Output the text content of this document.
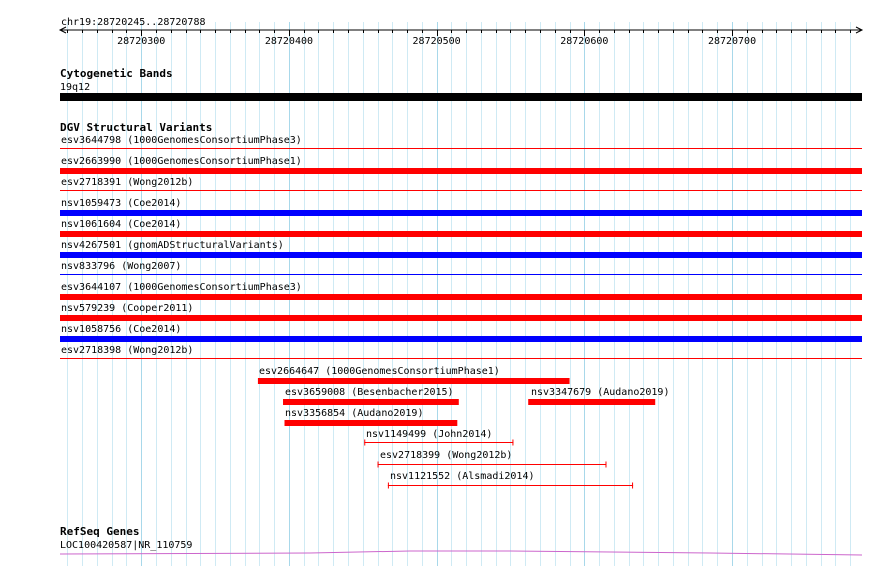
chr19:28720245..28720788
28720300	28720400	28720500	28720600	28720700
Cytogenetic Bands
19q12
DGV Structural Variants
esv3644798 (1000GenomesConsortiumPhase3)
esv2663990 (1000GenomesConsortiumPhase1)
esv2718391 (Wong2012b)
nsv1059473 (Coe2014)
nsv1061604 (Coe2014)
nsv4267501 (gnomADStructuralVariants)
nsv833796 (Wong2007)
esv3644107 (1000GenomesConsortiumPhase3)
nsv579239 (Cooper2011)
nsv1058756 (Coe2014)
esv2718398 (Wong2012b)
esv2664647 (1000GenomesConsortiumPhase1)
esv3659008 (Besenbacher2015)	nsv3347679 (Audano2019)
nsv3356854 (Audano2019)
nsv1149499 (John2014)
esv2718399 (Wong2012b)
nsv1121552 (Alsmadi2014)
RefSeq Genes
LOC100420587|NR_110759
